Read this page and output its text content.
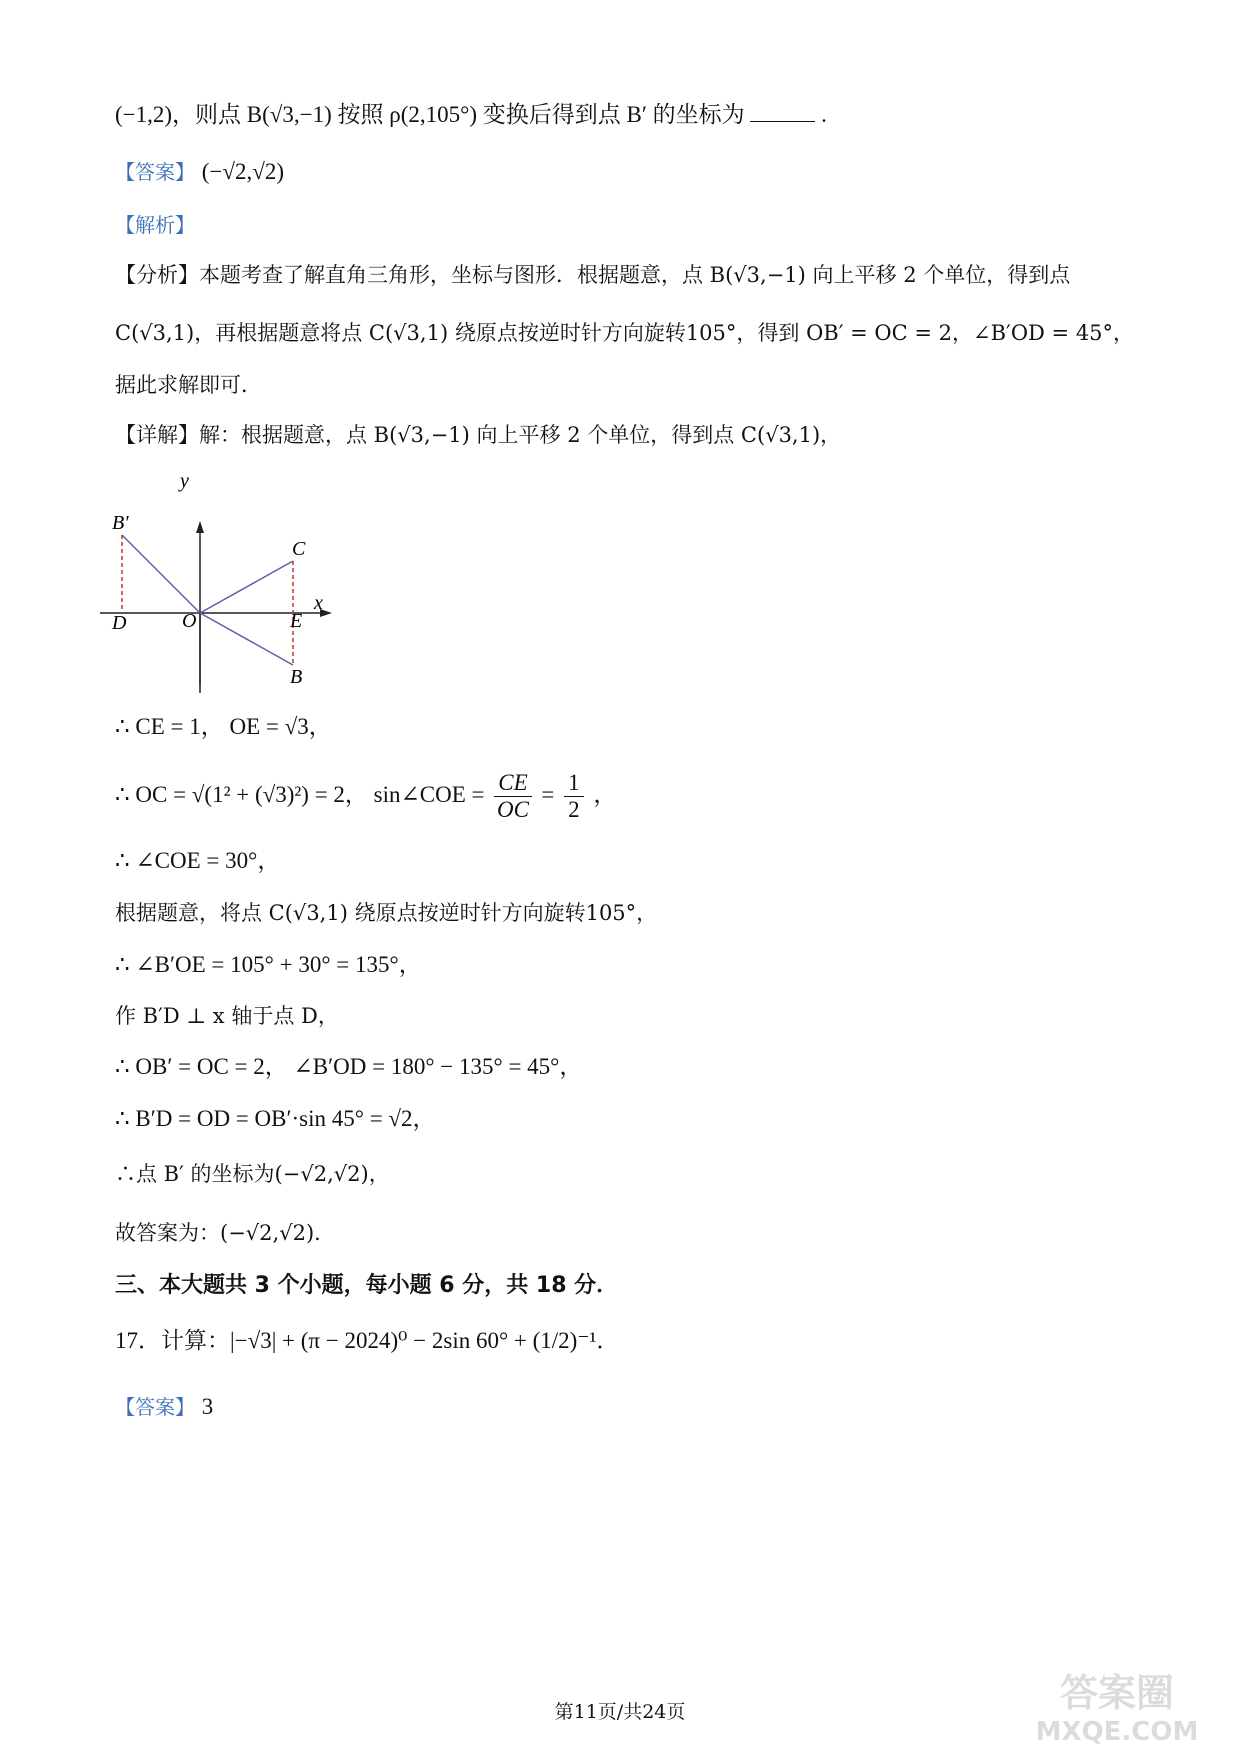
(−1,2)，则点 B(√3,−1) 按照 ρ(2,105°) 变换后得到点 B′ 的坐标为	.
【答案】 (−√2,√2)
【解析】
【分析】本题考查了解直角三角形，坐标与图形．根据题意，点 B(√3,−1) 向上平移 2 个单位，得到点
C(√3,1)，再根据题意将点 C(√3,1) 绕原点按逆时针方向旋转105°，得到 OB′ = OC = 2，∠B′OD = 45°，
据此求解即可．
【详解】解：根据题意，点 B(√3,−1) 向上平移 2 个单位，得到点 C(√3,1)，
y
x
B′
C
D	O	E
B
∴ CE = 1， OE = √3，
∴ OC = √(1² + (√3)²) = 2， sin∠COE = $\frac{CE}{OC} = \frac{1}{2}$ ，
∴ ∠COE = 30°，
根据题意，将点 C(√3,1) 绕原点按逆时针方向旋转105°，
∴ ∠B′OE = 105° + 30° = 135°，
作 B′D ⊥ x 轴于点 D，
∴ OB′ = OC = 2， ∠B′OD = 180° − 135° = 45°，
∴ B′D = OD = OB′·sin 45° = √2，
∴点 B′ 的坐标为(−√2,√2)，
故答案为：(−√2,√2)．
三、本大题共 3 个小题，每小题 6 分，共 18 分．
17．计算：|−√3| + (π − 2024)⁰ − 2sin 60° + (1/2)⁻¹．
【答案】 3
第11页/共24页	答案圈
MXQE.COM
